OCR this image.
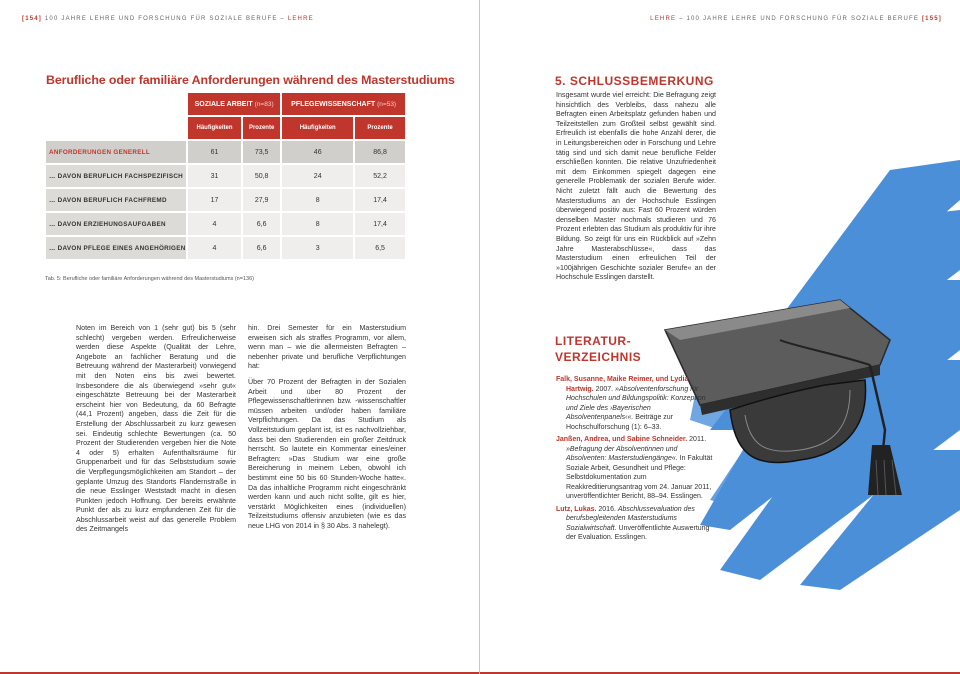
[154] 100 JAHRE LEHRE UND FORSCHUNG FÜR SOZIALE BERUFE – LEHRE
Berufliche oder familiäre Anforderungen während des Masterstudiums
	SOZIALE ARBEIT (n=83)		PFLEGEWISSENSCHAFT (n=53)	
	Häufigkeiten	Prozente	Häufigkeiten	Prozente
ANFORDERUNGEN GENERELL	61	73,5	46	86,8
… DAVON BERUFLICH FACHSPEZIFISCH	31	50,8	24	52,2
… DAVON BERUFLICH FACHFREMD	17	27,9	8	17,4
… DAVON ERZIEHUNGSAUFGABEN	4	6,6	8	17,4
… DAVON PFLEGE EINES ANGEHÖRIGEN	4	6,6	3	6,5
Tab. 5: Berufliche oder familiäre Anforderungen während des Masterstudiums (n=136)

Noten im Bereich von 1 (sehr gut) bis 5 (sehr schlecht) vergeben werden. Erfreulicherweise werden diese Aspekte (Qualität der Lehre, Angebote an fachlicher Beratung und die Betreuung während der Masterarbeit) vorwiegend mit den Noten eins bis zwei bewertet. Insbesondere die als überwiegend »sehr gut« eingeschätzte Betreuung bei der Masterarbeit erscheint hier von Bedeutung, da 60 Befragte (44,1 Prozent) angeben, dass die Zeit für die Erstellung der Abschlussarbeit zu kurz gewesen sei. Eindeutig schlechte Bewertungen (ca. 50 Prozent der Studierenden vergeben hier die Note 4 oder 5) erhalten Aufenthaltsräume für Gruppenarbeit und für das Selbststudium sowie die Verpflegungsmöglichkeiten am Standort – der geplante Umzug des Standorts Flandernstraße in die neue Esslinger Weststadt macht in diesen Punkten jedoch Hoffnung. Der bereits erwähnte Punkt der als zu kurz empfundenen Zeit für die Abschlussarbeit weist auf das generelle Problem des Zeitmangels

hin. Drei Semester für ein Masterstudium erweisen sich als straffes Programm, vor allem, wenn man – wie die allermeisten Befragten – nebenher private und berufliche Verpflichtungen hat:

Über 70 Prozent der Befragten in der Sozialen Arbeit und über 80 Prozent der Pflegewissenschaftlerinnen bzw. -wissenschaftler müssen arbeiten und/oder haben familiäre Verpflichtungen. Da das Studium als Vollzeitstudium geplant ist, ist es nachvollziehbar, dass bei den Studierenden ein großer Zeitdruck herrscht. So lautete ein Kommentar eines/einer Befragten: »Das Studium war eine große Bereicherung in meinem Leben, obwohl ich bestimmt eine 50 bis 60 Stunden-Woche hatte«. Da das inhaltliche Programm nicht eingeschränkt werden kann und auch nicht sollte, gilt es hier, verstärkt Möglichkeiten eines (individuellen) Teilzeitstudiums offensiv anzubieten (wie es das neue LHG von 2014 in § 30 Abs. 3 nahelegt).

LEHRE – 100 JAHRE LEHRE UND FORSCHUNG FÜR SOZIALE BERUFE [155]
5. SCHLUSSBEMERKUNG
Insgesamt wurde viel erreicht: Die Befragung zeigt hinsichtlich des Verbleibs, dass nahezu alle Befragten einen Arbeitsplatz gefunden haben und Teilzeitstellen zum Großteil selbst gewählt sind. Erfreulich ist ebenfalls die hohe Anzahl derer, die in Leitungsbereichen oder in Forschung und Lehre tätig sind und sich damit neue berufliche Felder erschließen konnten. Die relative Unzufriedenheit mit dem Einkommen spiegelt dagegen eine generelle Problematik der sozialen Berufe wider. Nicht zuletzt fällt auch die Bewertung des Masterstudiums an der Hochschule Esslingen überwiegend positiv aus: Fast 60 Prozent würden denselben Master nochmals studieren und 76 Prozent erlebten das Studium als produktiv für ihre Bildung. So zeigt für uns ein Rückblick auf »Zehn Jahre Masterabschlüsse«, dass das Masterstudium einen erfreulichen Teil der »100jährigen Geschichte sozialer Berufe« an der Hochschule Esslingen darstellt.
LITERATUR-
VERZEICHNIS
Falk, Susanne, Maike Reimer, und Lydia Hartwig. 2007. »Absolventenforschung für Hochschulen und Bildungspolitik: Konzeption und Ziele des ›Bayerischen Absolventenpanels‹«. Beiträge zur Hochschulforschung (1): 6–33.
Janßen, Andrea, und Sabine Schneider. 2011. »Befragung der Absolventinnen und Absolventen: Masterstudiengänge«. In Fakultät Soziale Arbeit, Gesundheit und Pflege: Selbstdokumentation zum Reakkreditierungsantrag vom 24. Januar 2011, unveröffentlichter Bericht, 88–94. Esslingen.
Lutz, Lukas. 2016. Abschlussevaluation des berufsbegleitenden Masterstudiums Sozialwirtschaft. Unveröffentlichte Auswertung der Evaluation. Esslingen.
